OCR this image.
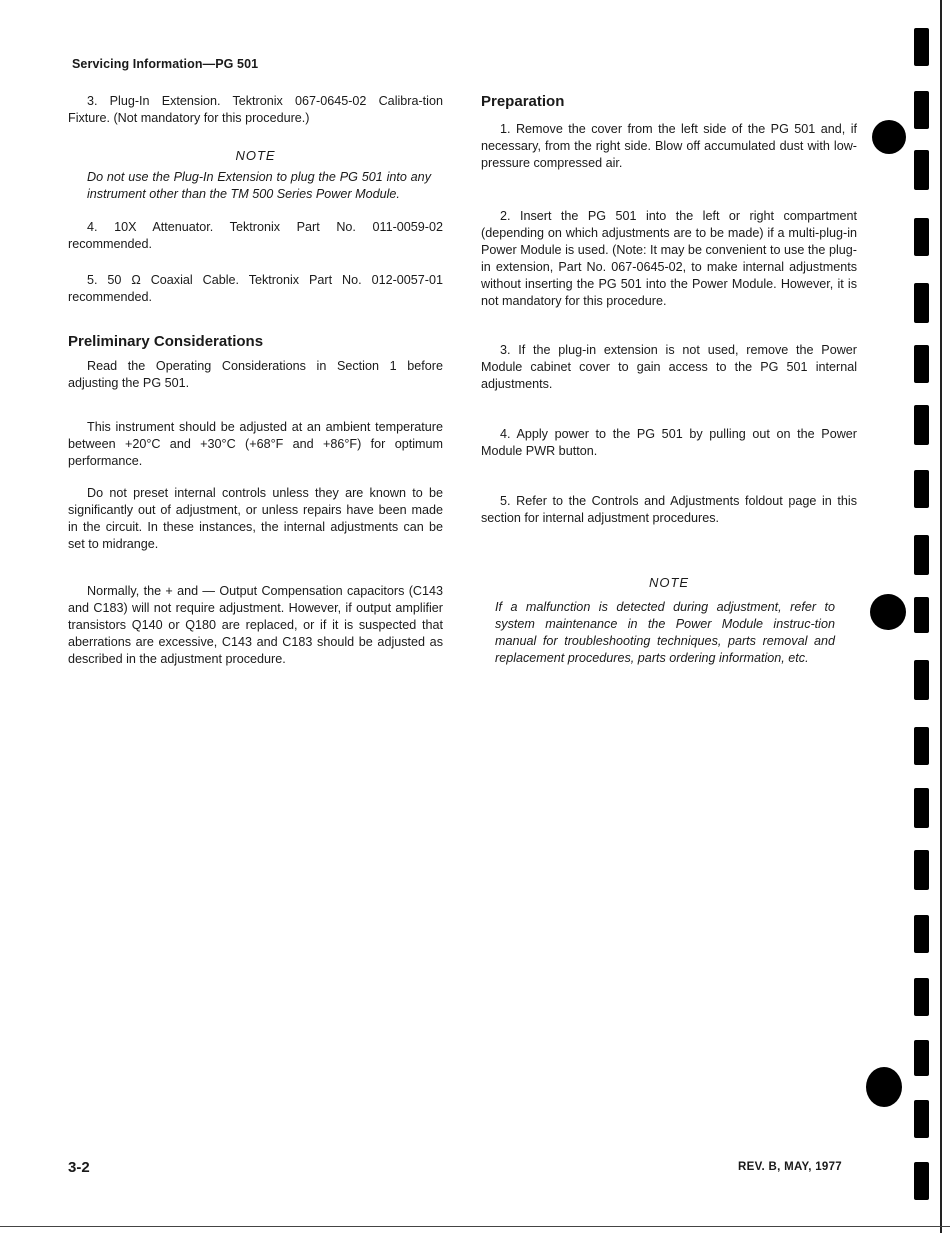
Servicing Information—PG 501

3. Plug-In Extension. Tektronix 067-0645-02 Calibra-tion Fixture. (Not mandatory for this procedure.)

NOTE

Do not use the Plug-In Extension to plug the PG 501 into any instrument other than the TM 500 Series Power Module.

4. 10X Attenuator. Tektronix Part No. 011-0059-02 recommended.

5. 50 Ω Coaxial Cable. Tektronix Part No. 012-0057-01 recommended.

Preliminary Considerations

Read the Operating Considerations in Section 1 before adjusting the PG 501.

This instrument should be adjusted at an ambient temperature between +20°C and +30°C (+68°F and +86°F) for optimum performance.

Do not preset internal controls unless they are known to be significantly out of adjustment, or unless repairs have been made in the circuit. In these instances, the internal adjustments can be set to midrange.

Normally, the + and — Output Compensation capacitors (C143 and C183) will not require adjustment. However, if output amplifier transistors Q140 or Q180 are replaced, or if it is suspected that aberrations are excessive, C143 and C183 should be adjusted as described in the adjustment procedure.

Preparation

1. Remove the cover from the left side of the PG 501 and, if necessary, from the right side. Blow off accumulated dust with low-pressure compressed air.

2. Insert the PG 501 into the left or right compartment (depending on which adjustments are to be made) if a multi-plug-in Power Module is used. (Note: It may be convenient to use the plug-in extension, Part No. 067-0645-02, to make internal adjustments without inserting the PG 501 into the Power Module. However, it is not mandatory for this procedure.

3. If the plug-in extension is not used, remove the Power Module cabinet cover to gain access to the PG 501 internal adjustments.

4. Apply power to the PG 501 by pulling out on the Power Module PWR button.

5. Refer to the Controls and Adjustments foldout page in this section for internal adjustment procedures.

NOTE

If a malfunction is detected during adjustment, refer to system maintenance in the Power Module instruc-tion manual for troubleshooting techniques, parts removal and replacement procedures, parts ordering information, etc.

3-2	REV. B, MAY, 1977
